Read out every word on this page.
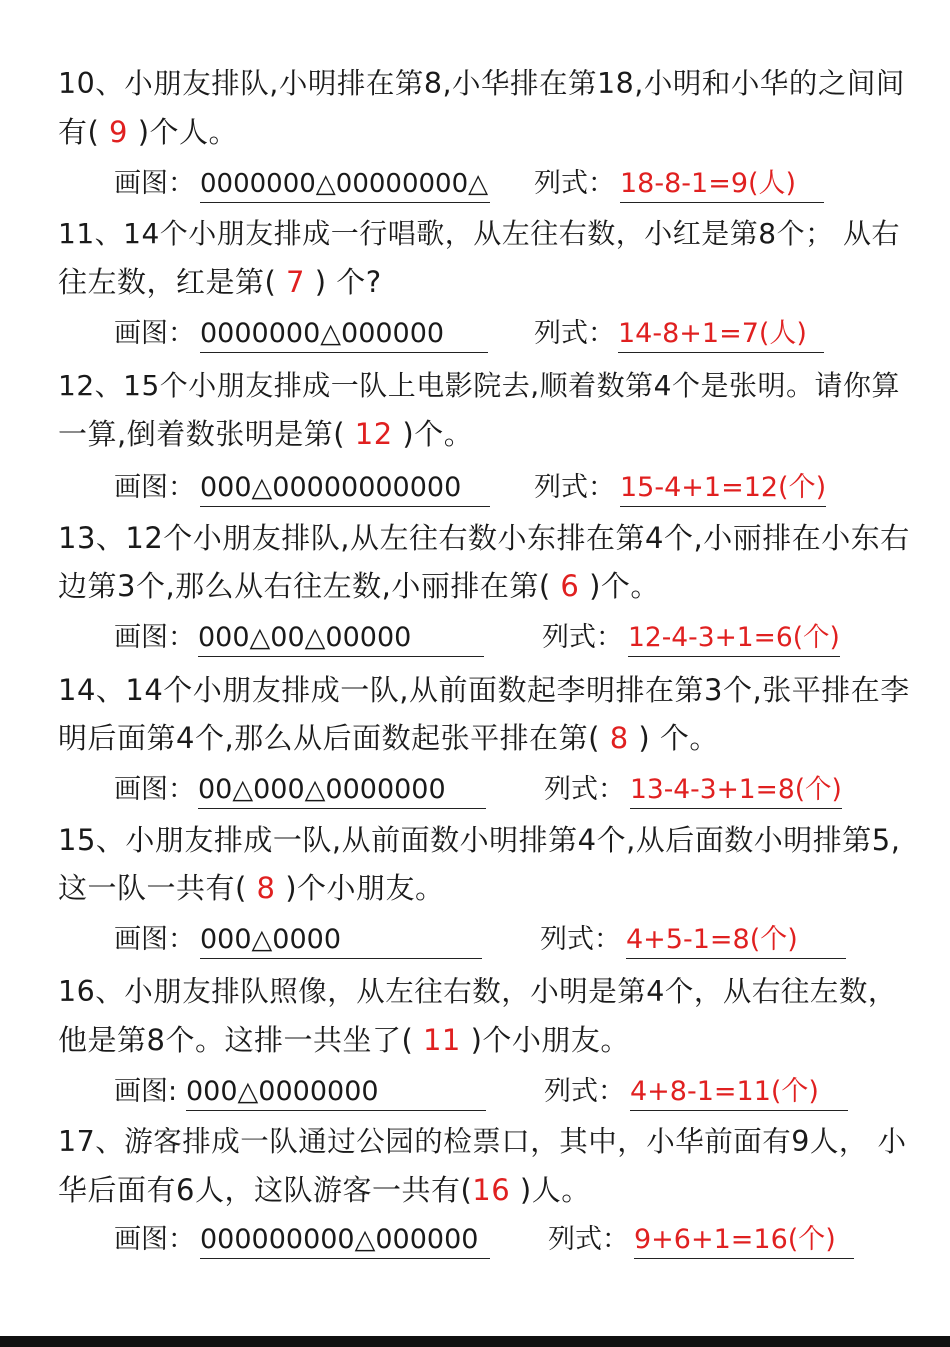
10、小朋友排队,小明排在第8,小华排在第18,小明和小华的之间间
有( 9 )个人。
画图： 0000000△00000000△ 列式： 18-8-1=9(人)
11、14个小朋友排成一行唱歌，从左往右数，小红是第8个； 从右
往左数，红是第( 7 ) 个?
画图： 0000000△000000	列式： 14-8+1=7(人)
12、15个小朋友排成一队上电影院去,顺着数第4个是张明。请你算
一算,倒着数张明是第( 12 )个。
画图： 000△00000000000	列式： 15-4+1=12(个)
13、12个小朋友排队,从左往右数小东排在第4个,小丽排在小东右
边第3个,那么从右往左数,小丽排在第( 6 )个。
画图： 000△00△00000	列式： 12-4-3+1=6(个)
14、14个小朋友排成一队,从前面数起李明排在第3个,张平排在李
明后面第4个,那么从后面数起张平排在第( 8 ) 个。
画图： 00△000△0000000	列式： 13-4-3+1=8(个)
15、小朋友排成一队,从前面数小明排第4个,从后面数小明排第5,
这一队一共有( 8 )个小朋友。
画图： 000△0000	列式： 4+5-1=8(个)
16、小朋友排队照像，从左往右数，小明是第4个，从右往左数，
他是第8个。这排一共坐了( 11 )个小朋友。
画图: 000△0000000	列式： 4+8-1=11(个)
17、游客排成一队通过公园的检票口，其中，小华前面有9人， 小
华后面有6人，这队游客一共有(16 )人。
画图： 000000000△000000	列式： 9+6+1=16(个)
